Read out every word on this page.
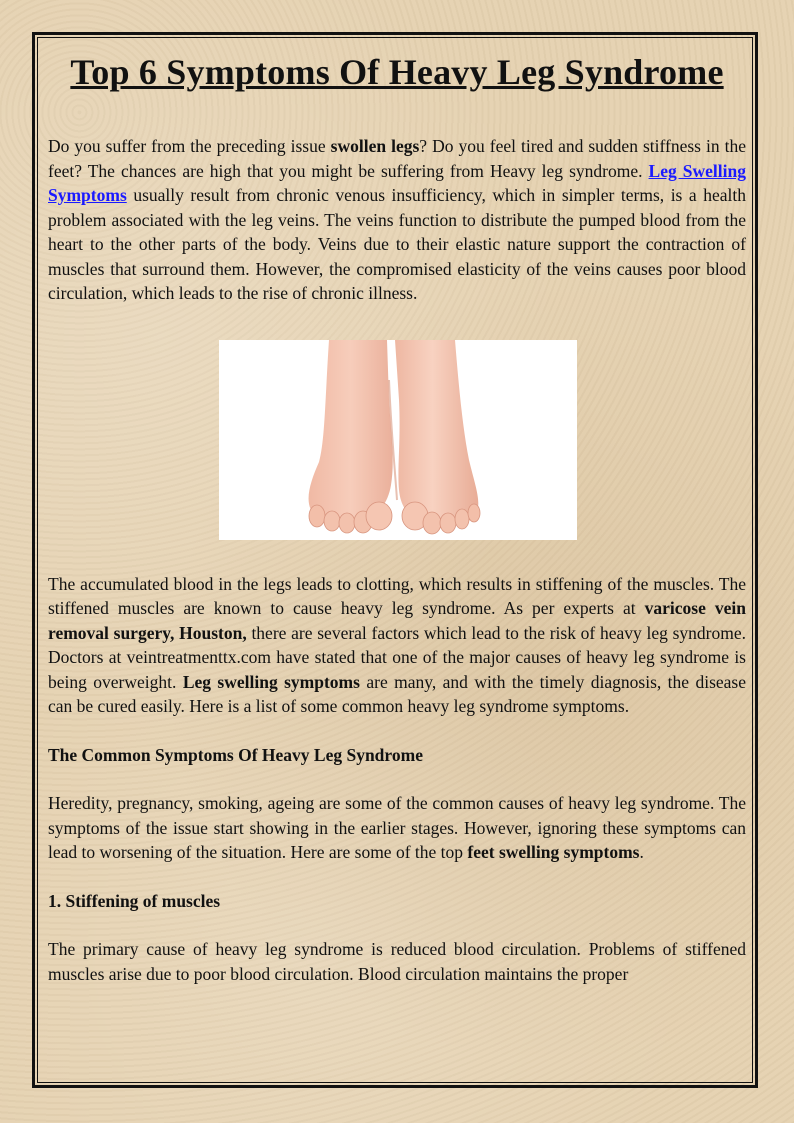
Top 6 Symptoms Of Heavy Leg Syndrome

Do you suffer from the preceding issue swollen legs? Do you feel tired and sudden stiffness in the feet? The chances are high that you might be suffering from Heavy leg syndrome. Leg Swelling Symptoms usually result from chronic venous insufficiency, which in simpler terms, is a health problem associated with the leg veins. The veins function to distribute the pumped blood from the heart to the other parts of the body. Veins due to their elastic nature support the contraction of muscles that surround them. However, the compromised elasticity of the veins causes poor blood circulation, which leads to the rise of chronic illness.

The accumulated blood in the legs leads to clotting, which results in stiffening of the muscles. The stiffened muscles are known to cause heavy leg syndrome. As per experts at varicose vein removal surgery, Houston, there are several factors which lead to the risk of heavy leg syndrome. Doctors at veintreatmenttx.com have stated that one of the major causes of heavy leg syndrome is being overweight. Leg swelling symptoms are many, and with the timely diagnosis, the disease can be cured easily. Here is a list of some common heavy leg syndrome symptoms.

The Common Symptoms Of Heavy Leg Syndrome

Heredity, pregnancy, smoking, ageing are some of the common causes of heavy leg syndrome. The symptoms of the issue start showing in the earlier stages. However, ignoring these symptoms can lead to worsening of the situation. Here are some of the top feet swelling symptoms.

1. Stiffening of muscles

The primary cause of heavy leg syndrome is reduced blood circulation. Problems of stiffened muscles arise due to poor blood circulation. Blood circulation maintains the proper
